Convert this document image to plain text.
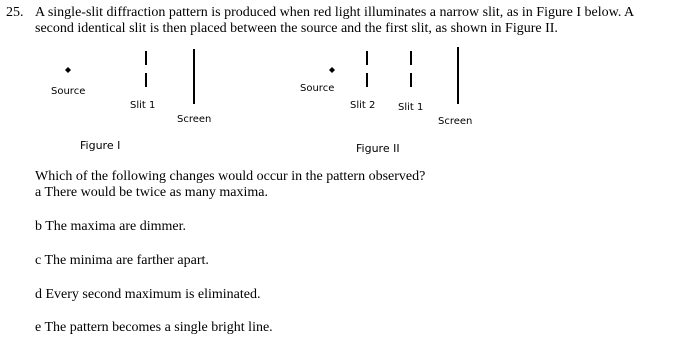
25. A single-slit diffraction pattern is produced when red light illuminates a narrow slit, as in Figure I below. A
second identical slit is then placed between the source and the first slit, as shown in Figure II.
Source
Slit 1
Screen
Figure I
Source
Slit 2 Slit 1
Screen
Figure II
Which of the following changes would occur in the pattern observed?
a There would be twice as many maxima.
b The maxima are dimmer.
c The minima are farther apart.
d Every second maximum is eliminated.
e The pattern becomes a single bright line.
